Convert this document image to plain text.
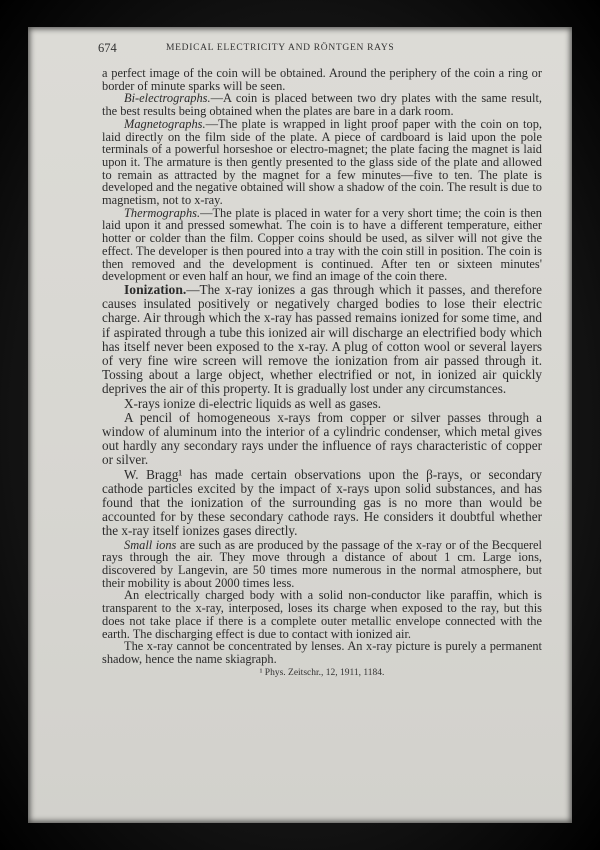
674	MEDICAL ELECTRICITY AND RÖNTGEN RAYS

a perfect image of the coin will be obtained. Around the periphery of the coin a ring or border of minute sparks will be seen.

Bi-electrographs.—A coin is placed between two dry plates with the same result, the best results being obtained when the plates are bare in a dark room.

Magnetographs.—The plate is wrapped in light proof paper with the coin on top, laid directly on the film side of the plate. A piece of cardboard is laid upon the pole terminals of a powerful horseshoe or electro-magnet; the plate facing the magnet is laid upon it. The armature is then gently presented to the glass side of the plate and allowed to remain as attracted by the magnet for a few minutes—five to ten. The plate is developed and the negative obtained will show a shadow of the coin. The result is due to magnetism, not to x-ray.

Thermographs.—The plate is placed in water for a very short time; the coin is then laid upon it and pressed somewhat. The coin is to have a different temperature, either hotter or colder than the film. Copper coins should be used, as silver will not give the effect. The developer is then poured into a tray with the coin still in position. The coin is then removed and the development is continued. After ten or sixteen minutes' development or even half an hour, we find an image of the coin there.

Ionization.—The x-ray ionizes a gas through which it passes, and therefore causes insulated positively or negatively charged bodies to lose their electric charge. Air through which the x-ray has passed remains ionized for some time, and if aspirated through a tube this ionized air will discharge an electrified body which has itself never been exposed to the x-ray. A plug of cotton wool or several layers of very fine wire screen will remove the ionization from air passed through it. Tossing about a large object, whether electrified or not, in ionized air quickly deprives the air of this property. It is gradually lost under any circumstances.

X-rays ionize di-electric liquids as well as gases.

A pencil of homogeneous x-rays from copper or silver passes through a window of aluminum into the interior of a cylindric condenser, which metal gives out hardly any secondary rays under the influence of rays characteristic of copper or silver.

W. Bragg¹ has made certain observations upon the β-rays, or secondary cathode particles excited by the impact of x-rays upon solid substances, and has found that the ionization of the surrounding gas is no more than would be accounted for by these secondary cathode rays. He considers it doubtful whether the x-ray itself ionizes gases directly.

Small ions are such as are produced by the passage of the x-ray or of the Becquerel rays through the air. They move through a distance of about 1 cm. Large ions, discovered by Langevin, are 50 times more numerous in the normal atmosphere, but their mobility is about 2000 times less.

An electrically charged body with a solid non-conductor like paraffin, which is transparent to the x-ray, interposed, loses its charge when exposed to the ray, but this does not take place if there is a complete outer metallic envelope connected with the earth. The discharging effect is due to contact with ionized air.

The x-ray cannot be concentrated by lenses. An x-ray picture is purely a permanent shadow, hence the name skiagraph.

¹ Phys. Zeitschr., 12, 1911, 1184.
